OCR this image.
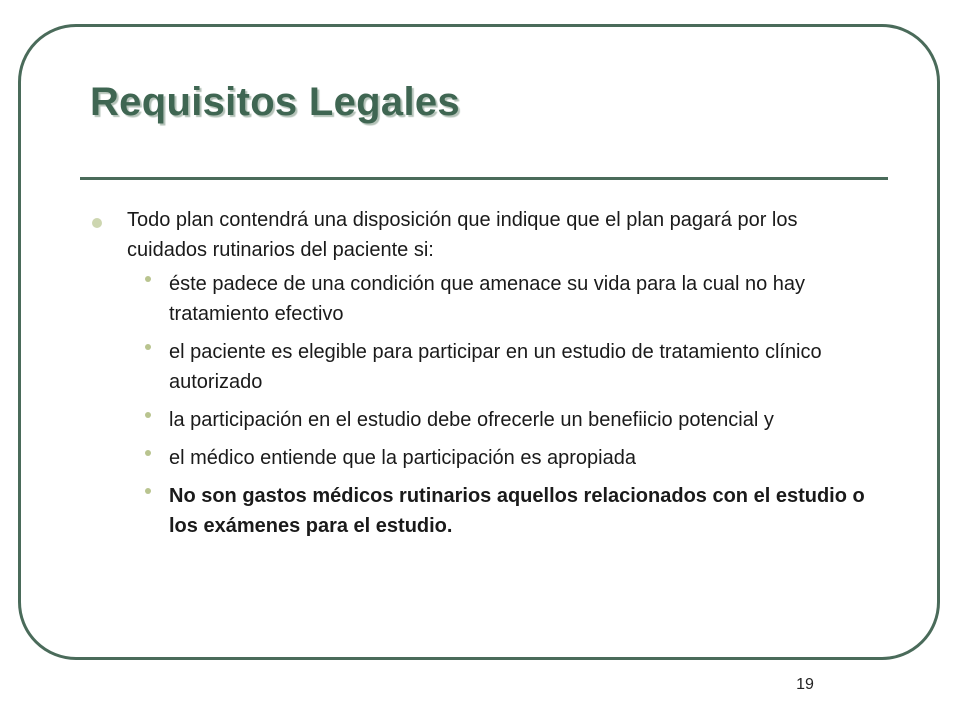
Requisitos Legales
Todo plan contendrá una disposición que indique que el plan pagará por los cuidados rutinarios del paciente si:
éste padece de una condición que amenace su vida para la cual no hay tratamiento efectivo
el paciente es elegible para participar en un estudio de tratamiento clínico autorizado
la participación en el estudio debe ofrecerle un benefiicio potencial y
el médico entiende que la participación es apropiada
No son gastos médicos rutinarios aquellos relacionados con el estudio o los exámenes para el estudio.
19
